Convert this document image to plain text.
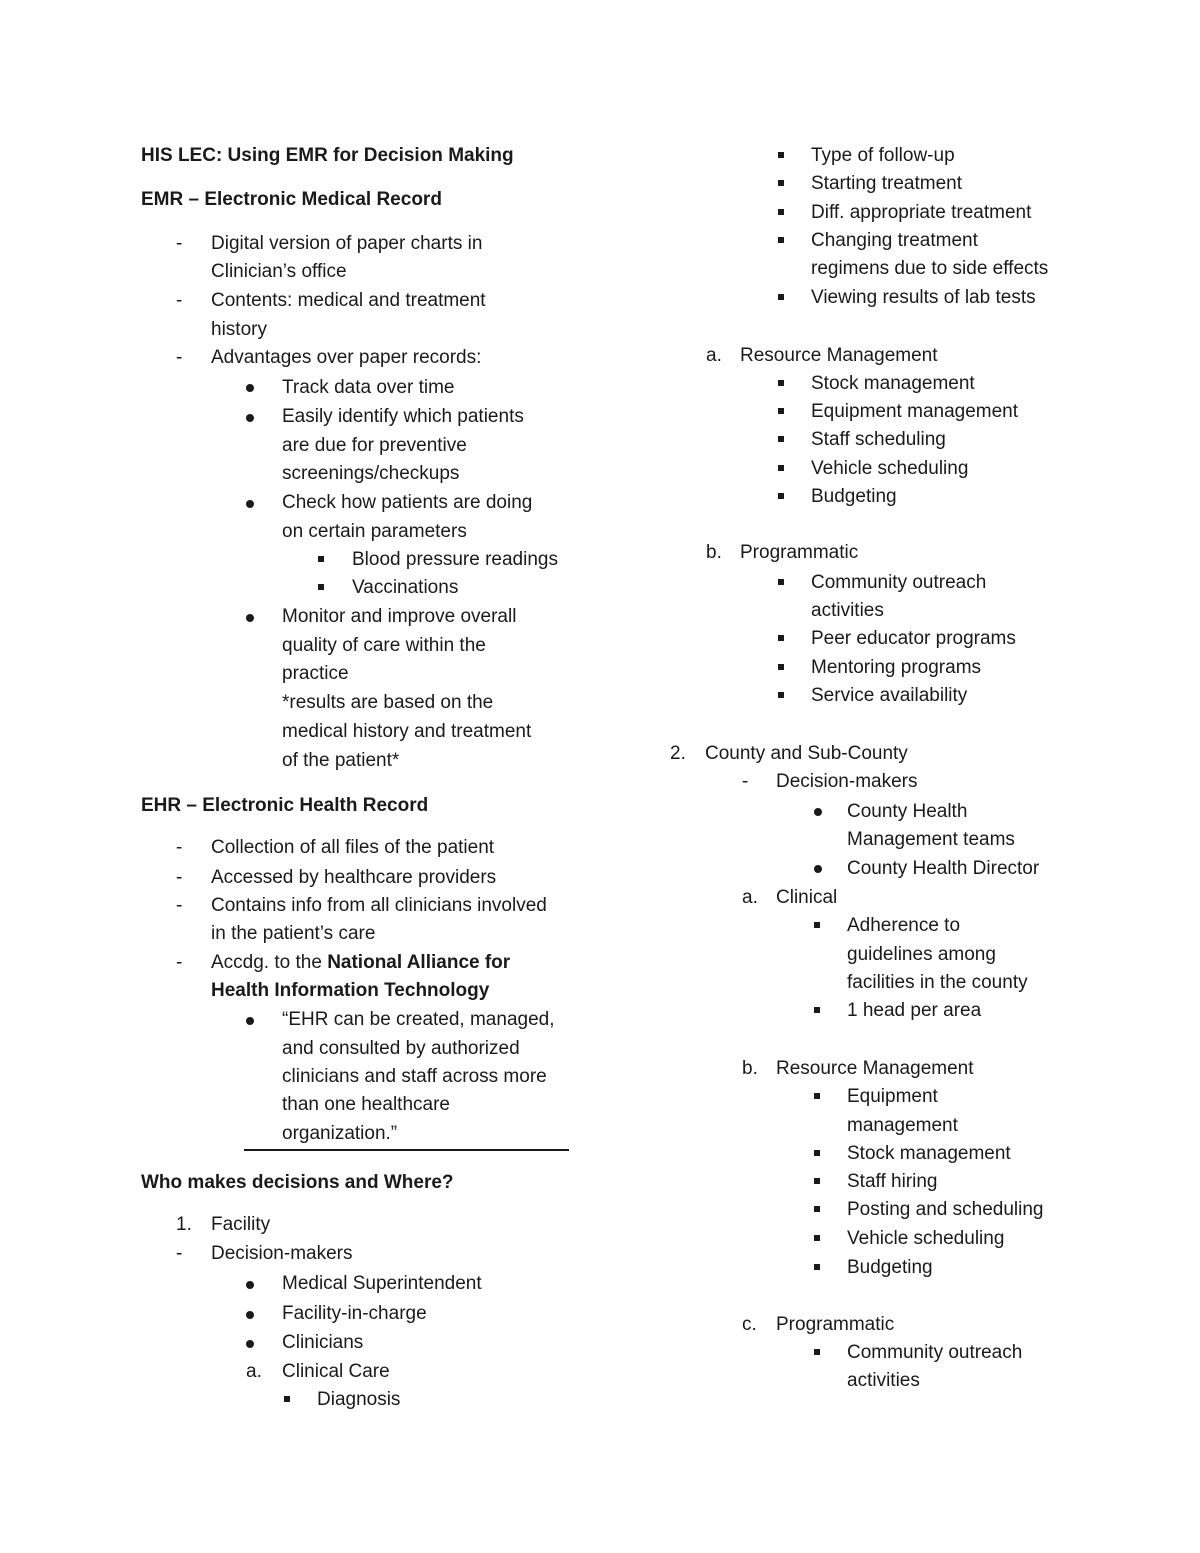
HIS LEC: Using EMR for Decision Making
EMR – Electronic Medical Record
- Digital version of paper charts in
Clinician’s office
- Contents: medical and treatment
history
- Advantages over paper records:
Track data over time
Easily identify which patients
are due for preventive
screenings/checkups
Check how patients are doing
on certain parameters
Blood pressure readings
Vaccinations
Monitor and improve overall
quality of care within the
practice
*results are based on the
medical history and treatment
of the patient*
EHR – Electronic Health Record
- Collection of all files of the patient
- Accessed by healthcare providers
- Contains info from all clinicians involved
in the patient’s care
- Accdg. to the National Alliance for
Health Information Technology
“EHR can be created, managed,
and consulted by authorized
clinicians and staff across more
than one healthcare
organization.”
Who makes decisions and Where?
1. Facility
- Decision-makers
Medical Superintendent
Facility-in-charge
Clinicians
a. Clinical Care
Diagnosis
Type of follow-up
Starting treatment
Diff. appropriate treatment
Changing treatment
regimens due to side effects
Viewing results of lab tests
a. Resource Management
Stock management
Equipment management
Staff scheduling
Vehicle scheduling
Budgeting
b. Programmatic
Community outreach
activities
Peer educator programs
Mentoring programs
Service availability
2. County and Sub-County
- Decision-makers
County Health
Management teams
County Health Director
a. Clinical
Adherence to
guidelines among
facilities in the county
1 head per area
b. Resource Management
Equipment
management
Stock management
Staff hiring
Posting and scheduling
Vehicle scheduling
Budgeting
c. Programmatic
Community outreach
activities
